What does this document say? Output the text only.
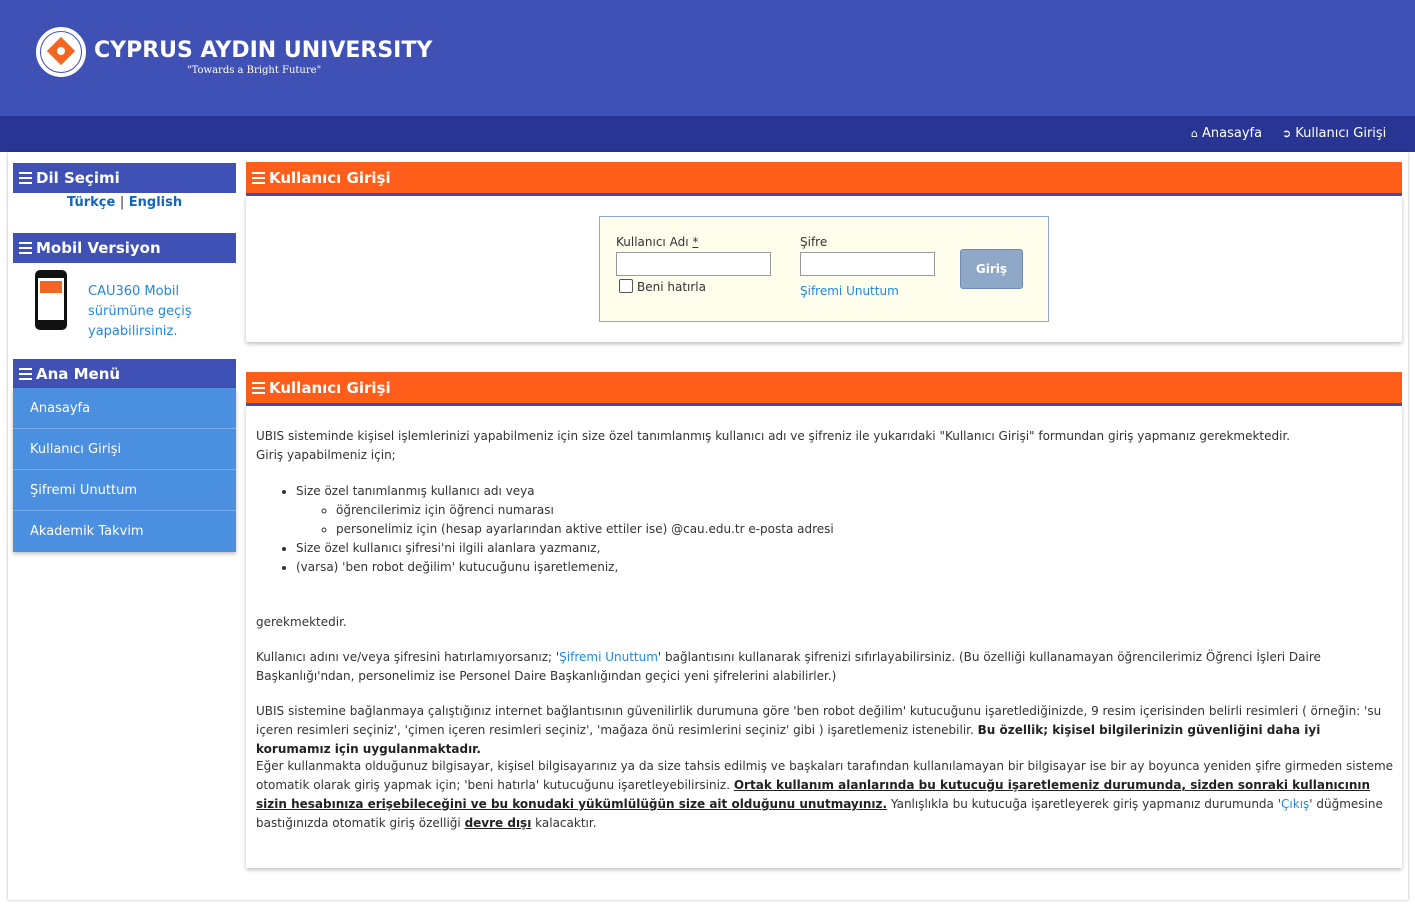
CYPRUS AYDIN UNIVERSITY
"Towards a Bright Future"
⌂ Anasayfa ➲ Kullanıcı Girişi
Dil Seçimi
Türkçe | English
Mobil Versiyon
CAU360 Mobil sürümüne geçiş yapabilirsiniz.
Ana Menü
Anasayfa
Kullanıcı Girişi
Şifremi Unuttum
Akademik Takvim
Kullanıcı Girişi
Kullanıcı Adı *
Beni hatırla
Şifre
Şifremi Unuttum
Giriş
Kullanıcı Girişi

UBIS sisteminde kişisel işlemlerinizi yapabilmeniz için size özel tanımlanmış kullanıcı adı ve şifreniz ile yukarıdaki "Kullanıcı Girişi" formundan giriş yapmanız gerekmektedir.

Giriş yapabilmeniz için;

• Size özel tanımlanmış kullanıcı adı veya
◦ öğrencilerimiz için öğrenci numarası
◦ personelimiz için (hesap ayarlarından aktive ettiler ise) @cau.edu.tr e-posta adresi
• Size özel kullanıcı şifresi'ni ilgili alanlara yazmanız,
• (varsa) 'ben robot değilim' kutucuğunu işaretlemeniz,
gerekmektedir.
Kullanıcı adını ve/veya şifresini hatırlamıyorsanız; 'Şifremi Unuttum' bağlantısını kullanarak şifrenizi sıfırlayabilirsiniz. (Bu özelliği kullanamayan öğrencilerimiz Öğrenci İşleri Daire Başkanlığı'ndan, personelimiz ise Personel Daire Başkanlığından geçici yeni şifrelerini alabilirler.)
UBIS sistemine bağlanmaya çalıştığınız internet bağlantısının güvenilirlik durumuna göre 'ben robot değilim' kutucuğunu işaretlediğinizde, 9 resim içerisinden belirli resimleri ( örneğin: 'su içeren resimleri seçiniz', 'çimen içeren resimleri seçiniz', 'mağaza önü resimlerini seçiniz' gibi ) işaretlemeniz istenebilir. Bu özellik; kişisel bilgilerinizin güvenliğini daha iyi korumamız için uygulanmaktadır.
Eğer kullanmakta olduğunuz bilgisayar, kişisel bilgisayarınız ya da size tahsis edilmiş ve başkaları tarafından kullanılamayan bir bilgisayar ise bir ay boyunca yeniden şifre girmeden sisteme otomatik olarak giriş yapmak için; 'beni hatırla' kutucuğunu işaretleyebilirsiniz. Ortak kullanım alanlarında bu kutucuğu işaretlemeniz durumunda, sizden sonraki kullanıcının sizin hesabınıza erişebileceğini ve bu konudaki yükümlülüğün size ait olduğunu unutmayınız. Yanlışlıkla bu kutucuğa işaretleyerek giriş yapmanız durumunda 'Çıkış' düğmesine bastığınızda otomatik giriş özelliği devre dışı kalacaktır.
